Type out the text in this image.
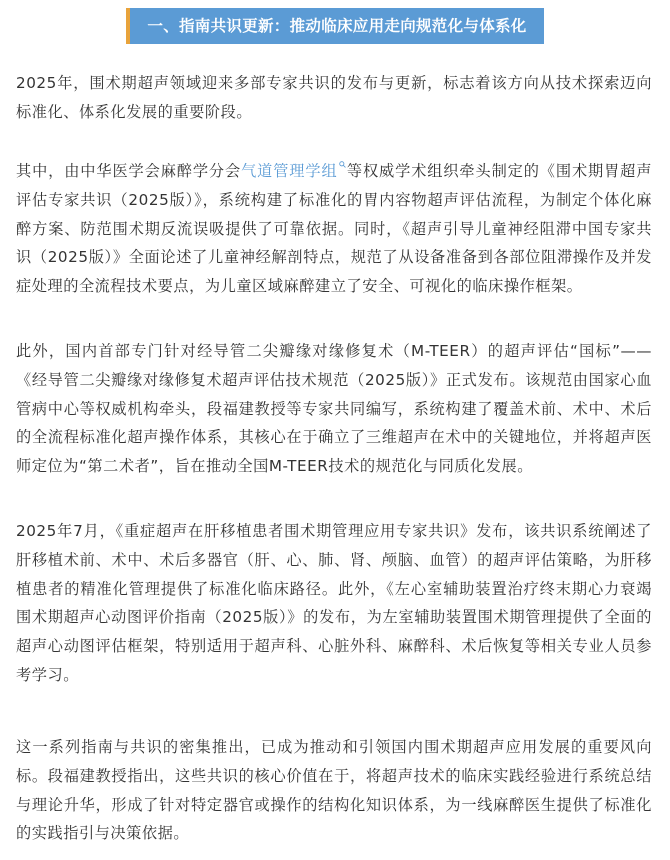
一、指南共识更新：推动临床应用走向规范化与体系化

2025年，围术期超声领域迎来多部专家共识的发布与更新，标志着该方向从技术探索迈向标准化、体系化发展的重要阶段。

其中，由中华医学会麻醉学分会气道管理学组 等权威学术组织牵头制定的《围术期胃超声评估专家共识（2025版）》，系统构建了标准化的胃内容物超声评估流程，为制定个体化麻醉方案、防范围术期反流误吸提供了可靠依据。同时，《超声引导儿童神经阻滞中国专家共识（2025版）》全面论述了儿童神经解剖特点，规范了从设备准备到各部位阻滞操作及并发症处理的全流程技术要点，为儿童区域麻醉建立了安全、可视化的临床操作框架。

此外，国内首部专门针对经导管二尖瓣缘对缘修复术（M-TEER）的超声评估“国标”——《经导管二尖瓣缘对缘修复术超声评估技术规范（2025版）》正式发布。该规范由国家心血管病中心等权威机构牵头，段福建教授等专家共同编写，系统构建了覆盖术前、术中、术后的全流程标准化超声操作体系，其核心在于确立了三维超声在术中的关键地位，并将超声医师定位为“第二术者”，旨在推动全国M-TEER技术的规范化与同质化发展。

2025年7月，《重症超声在肝移植患者围术期管理应用专家共识》发布，该共识系统阐述了肝移植术前、术中、术后多器官（肝、心、肺、肾、颅脑、血管）的超声评估策略，为肝移植患者的精准化管理提供了标准化临床路径。此外，《左心室辅助装置治疗终末期心力衰竭围术期超声心动图评价指南（2025版）》的发布，为左室辅助装置围术期管理提供了全面的超声心动图评估框架，特别适用于超声科、心脏外科、麻醉科、术后恢复等相关专业人员参考学习。

这一系列指南与共识的密集推出，已成为推动和引领国内围术期超声应用发展的重要风向标。段福建教授指出，这些共识的核心价值在于，将超声技术的临床实践经验进行系统总结与理论升华，形成了针对特定器官或操作的结构化知识体系，为一线麻醉医生提供了标准化的实践指引与决策依据。
